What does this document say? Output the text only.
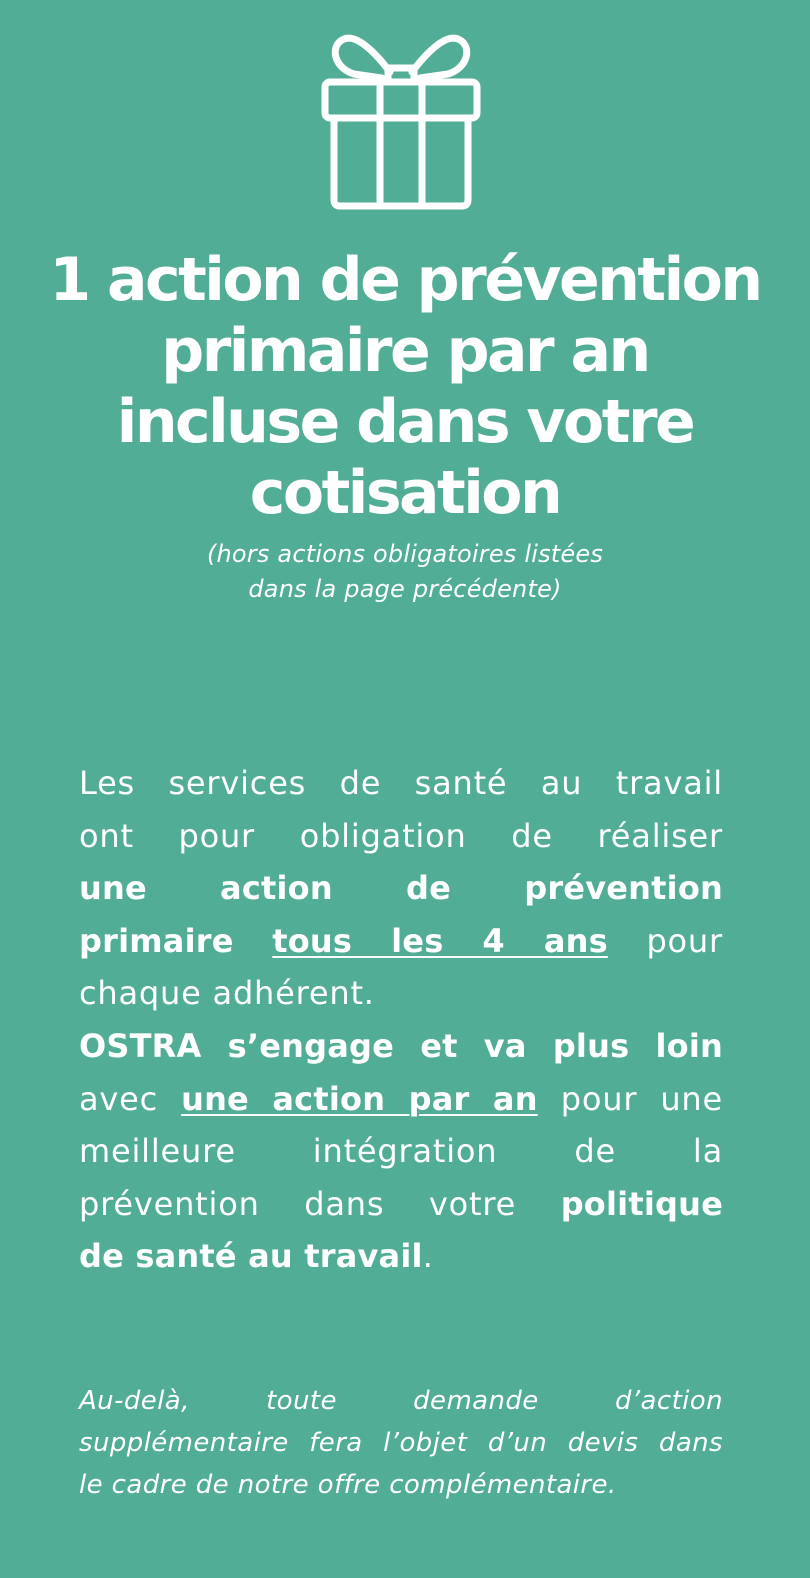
1 action de prévention
primaire par an
incluse dans votre
cotisation
(hors actions obligatoires listées
dans la page précédente)
Les services de santé au travail
ont pour obligation de réaliser
une action de prévention
primaire tous les 4 ans pour
chaque adhérent.
OSTRA s’engage et va plus loin
avec une action par an pour une
meilleure intégration de la
prévention dans votre politique
de santé au travail.
Au-delà, toute demande d’action
supplémentaire fera l’objet d’un devis dans
le cadre de notre offre complémentaire.
